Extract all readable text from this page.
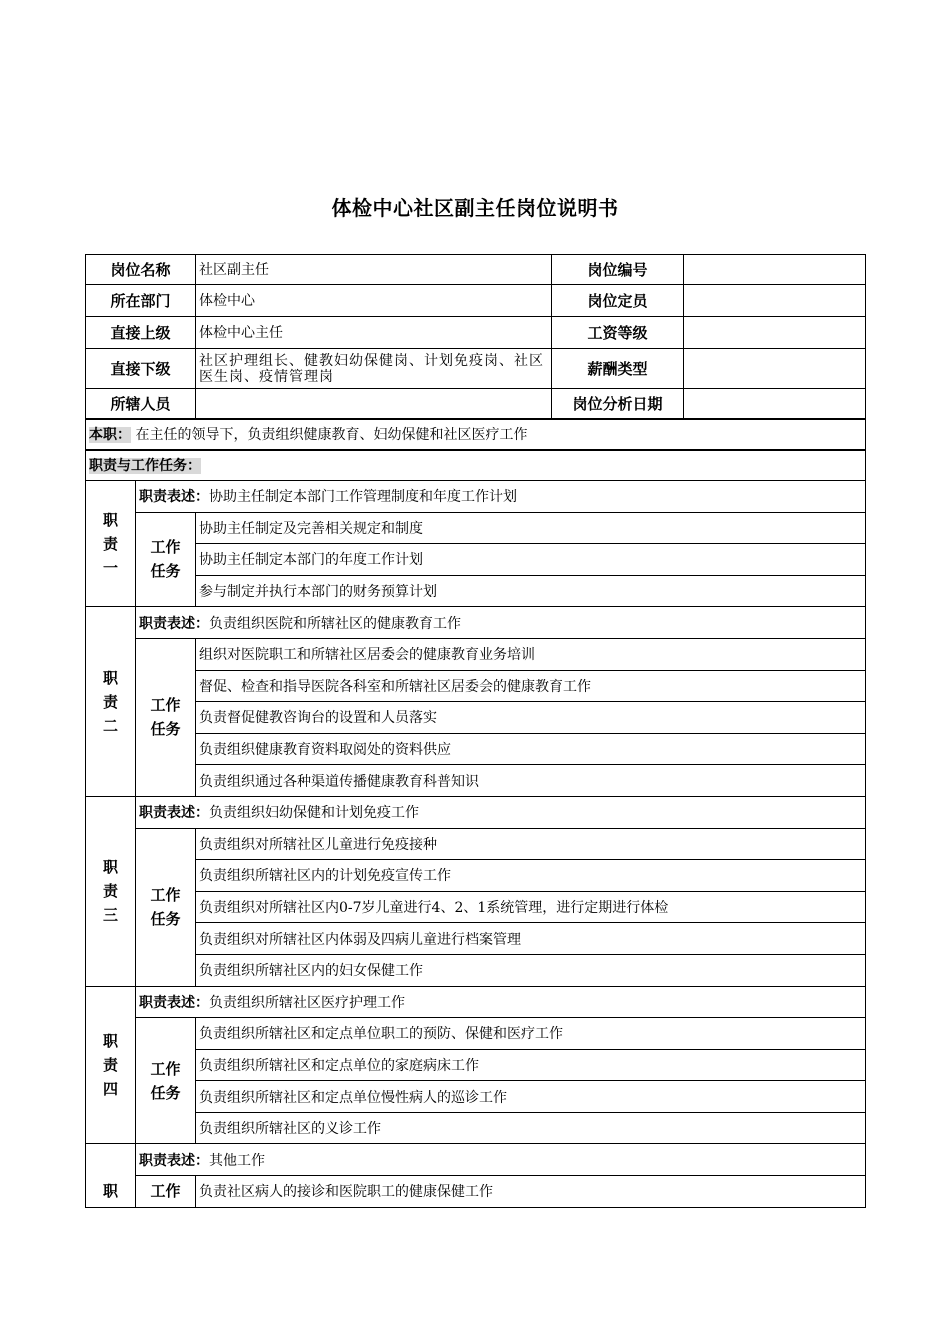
体检中心社区副主任岗位说明书
岗位名称		社区副主任	岗位编号	
所在部门		体检中心	岗位定员	
直接上级		体检中心主任	工资等级	
直接下级		社区护理组长、健教妇幼保健岗、计划免疫岗、社区医生岗、疫情管理岗	薪酬类型	
所辖人员			岗位分析日期	
本职： 在主任的领导下，负责组织健康教育、妇幼保健和社区医疗工作				
职责与工作任务：				

职
责
一	职责表述：协助主任制定本部门工作管理制度和年度工作计划			

	工作
任务	协助主任制定及完善相关规定和制度		
		协助主任制定本部门的年度工作计划		
		参与制定并执行本部门的财务预算计划		

职
责
二	职责表述：负责组织医院和所辖社区的健康教育工作			

	工作
任务	组织对医院职工和所辖社区居委会的健康教育业务培训		
		督促、检查和指导医院各科室和所辖社区居委会的健康教育工作		
		负责督促健教咨询台的设置和人员落实		
		负责组织健康教育资料取阅处的资料供应		
		负责组织通过各种渠道传播健康教育科普知识		

职
责
三	职责表述：负责组织妇幼保健和计划免疫工作			

	工作
任务	负责组织对所辖社区儿童进行免疫接种		
		负责组织所辖社区内的计划免疫宣传工作		
		负责组织对所辖社区内0-7岁儿童进行4、2、1系统管理，进行定期进行体检		
		负责组织对所辖社区内体弱及四病儿童进行档案管理		
		负责组织所辖社区内的妇女保健工作		

职
责
四	职责表述：负责组织所辖社区医疗护理工作			

	工作
任务	负责组织所辖社区和定点单位职工的预防、保健和医疗工作		
		负责组织所辖社区和定点单位的家庭病床工作		
		负责组织所辖社区和定点单位慢性病人的巡诊工作		
		负责组织所辖社区的义诊工作		

职	职责表述：其他工作			

	工作	负责社区病人的接诊和医院职工的健康保健工作		
